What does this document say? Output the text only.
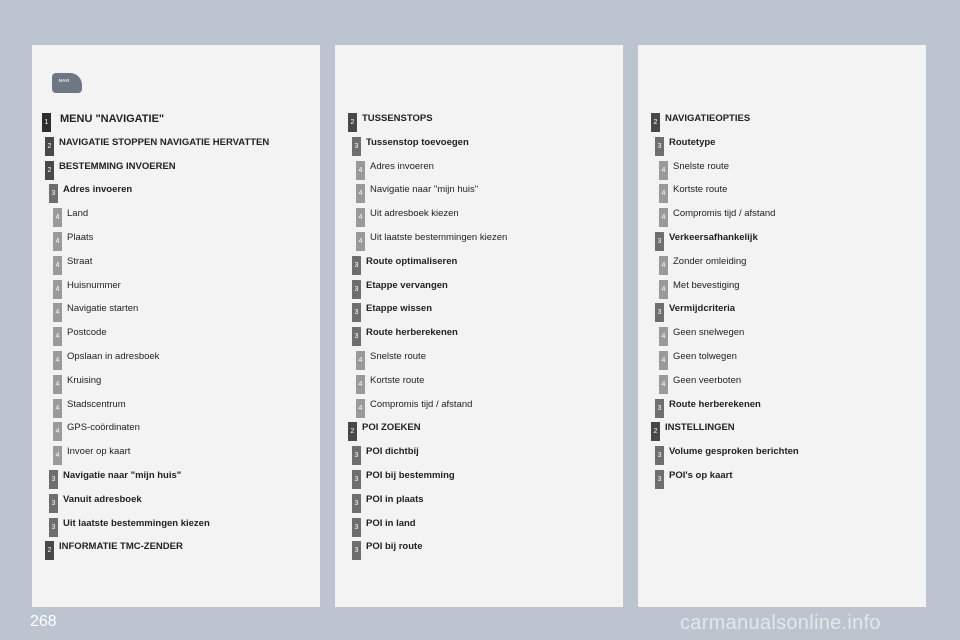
NAVI
1 MENU "NAVIGATIE"
2 NAVIGATIE STOPPEN NAVIGATIE HERVATTEN
2 BESTEMMING INVOEREN
3 Adres invoeren
4 Land
4 Plaats
4 Straat
4 Huisnummer
4 Navigatie starten
4 Postcode
4 Opslaan in adresboek
4 Kruising
4 Stadscentrum
4 GPS-coördinaten
4 Invoer op kaart
3 Navigatie naar "mijn huis"
3 Vanuit adresboek
3 Uit laatste bestemmingen kiezen
2 INFORMATIE TMC-ZENDER
2 TUSSENSTOPS
3 Tussenstop toevoegen
4 Adres invoeren
4 Navigatie naar "mijn huis"
4 Uit adresboek kiezen
4 Uit laatste bestemmingen kiezen
3 Route optimaliseren
3 Etappe vervangen
3 Etappe wissen
3 Route herberekenen
4 Snelste route
4 Kortste route
4 Compromis tijd / afstand
2 POI ZOEKEN
3 POI dichtbij
3 POI bij bestemming
3 POI in plaats
3 POI in land
3 POI bij route
2 NAVIGATIEOPTIES
3 Routetype
4 Snelste route
4 Kortste route
4 Compromis tijd / afstand
3 Verkeersafhankelijk
4 Zonder omleiding
4 Met bevestiging
3 Vermijdcriteria
4 Geen snelwegen
4 Geen tolwegen
4 Geen veerboten
3 Route herberekenen
2 INSTELLINGEN
3 Volume gesproken berichten
3 POI's op kaart
268	carmanualsonline.info
